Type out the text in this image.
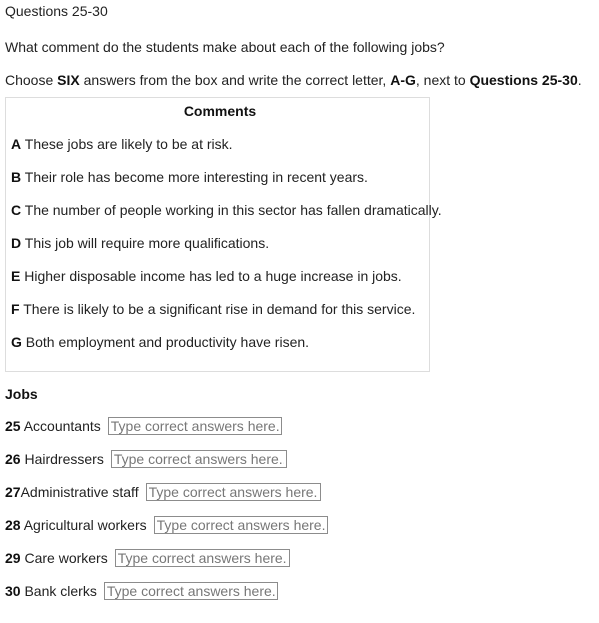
Questions 25-30

What comment do the students make about each of the following jobs?

Choose SIX answers from the box and write the correct letter, A-G, next to Questions 25-30.

Comments

A These jobs are likely to be at risk.

B Their role has become more interesting in recent years.

C The number of people working in this sector has fallen dramatically.

D This job will require more qualifications.

E Higher disposable income has led to a huge increase in jobs.

F There is likely to be a significant rise in demand for this service.

G Both employment and productivity have risen.

Jobs

25 Accountants
Type correct answers here...
26 Hairdressers
Type correct answers here...
27Administrative staff
Type correct answers here...
28 Agricultural workers
Type correct answers here...
29 Care workers
Type correct answers here...
30 Bank clerks
Type correct answers here...
